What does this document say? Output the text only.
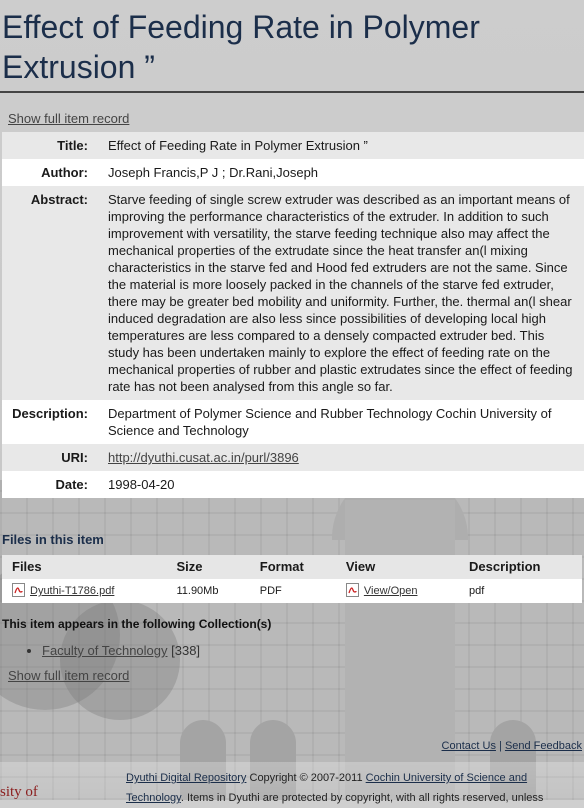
Effect of Feeding Rate in Polymer Extrusion ”
Show full item record
Title:	Effect of Feeding Rate in Polymer Extrusion ”
Author:	Joseph Francis,P J ; Dr.Rani,Joseph
Abstract:	Starve feeding of single screw extruder was described as an important means of improving the performance characteristics of the extruder. In addition to such improvement with versatility, the starve feeding technique also may affect the mechanical properties of the extrudate since the heat transfer an(l mixing characteristics in the starve fed and Hood fed extruders are not the same. Since the material is more loosely packed in the channels of the starve fed extruder, there may be greater bed mobility and uniformity. Further, the. thermal an(l shear induced degradation are also less since possibilities of developing local high temperatures are less compared to a densely compacted extruder bed. This study has been undertaken mainly to explore the effect of feeding rate on the mechanical properties of rubber and plastic extrudates since the effect of feeding rate has not been analysed from this angle so far.
Description:	Department of Polymer Science and Rubber Technology Cochin University of Science and Technology
URI:	http://dyuthi.cusat.ac.in/purl/3896
Date:	1998-04-20
Files in this item
Files	Size	Format	View	Description
Dyuthi-T1786.pdf	11.90Mb	PDF	View/Open	pdf
This item appears in the following Collection(s)
• Faculty of Technology [338]
Show full item record
Contact Us | Send Feedback
sity of
Dyuthi Digital Repository Copyright © 2007-2011 Cochin University of Science and Technology. Items in Dyuthi are protected by copyright, with all rights reserved, unless
